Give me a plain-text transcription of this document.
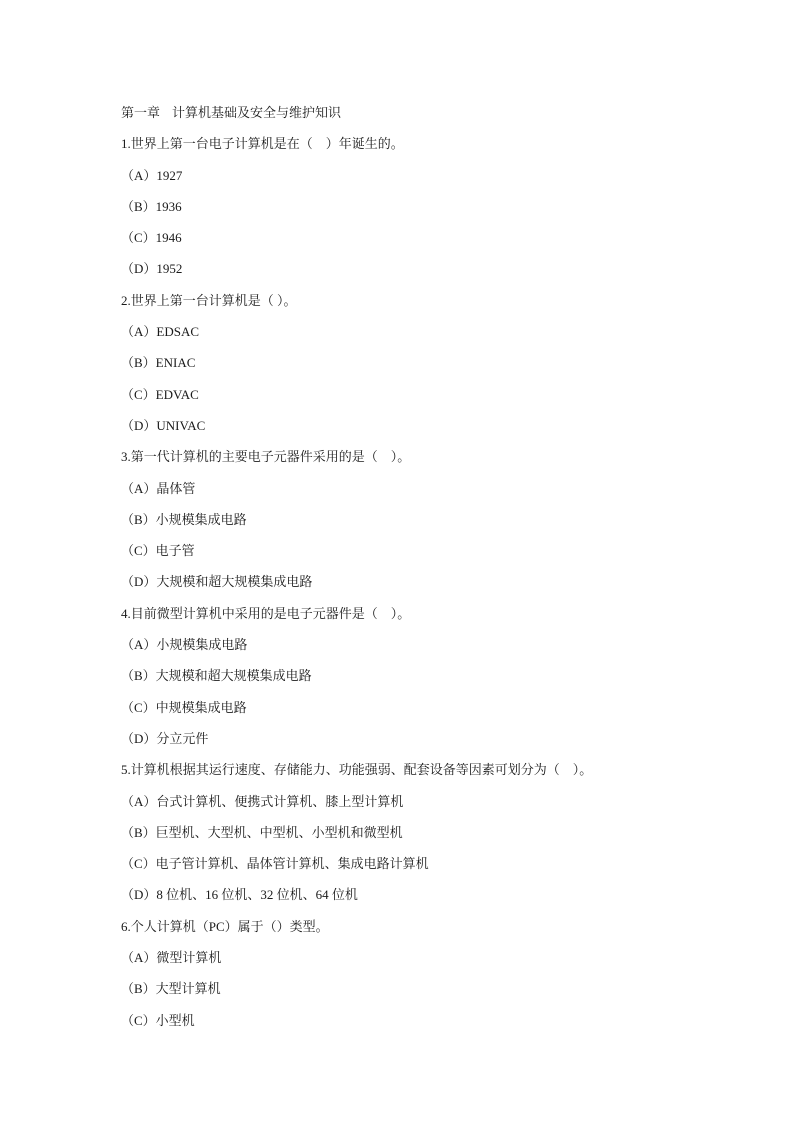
第一章 计算机基础及安全与维护知识
1.世界上第一台电子计算机是在（　）年诞生的。
（A）1927
（B）1936
（C）1946
（D）1952
2.世界上第一台计算机是（ ）。
（A）EDSAC
（B）ENIAC
（C）EDVAC
（D）UNIVAC
3.第一代计算机的主要电子元器件采用的是（　）。
（A）晶体管
（B）小规模集成电路
（C）电子管
（D）大规模和超大规模集成电路
4.目前微型计算机中采用的是电子元器件是（　）。
（A）小规模集成电路
（B）大规模和超大规模集成电路
（C）中规模集成电路
（D）分立元件
5.计算机根据其运行速度、存储能力、功能强弱、配套设备等因素可划分为（　）。
（A）台式计算机、便携式计算机、膝上型计算机
（B）巨型机、大型机、中型机、小型机和微型机
（C）电子管计算机、晶体管计算机、集成电路计算机
（D）8 位机、16 位机、32 位机、64 位机
6.个人计算机（PC）属于（）类型。
（A）微型计算机
（B）大型计算机
（C）小型机
